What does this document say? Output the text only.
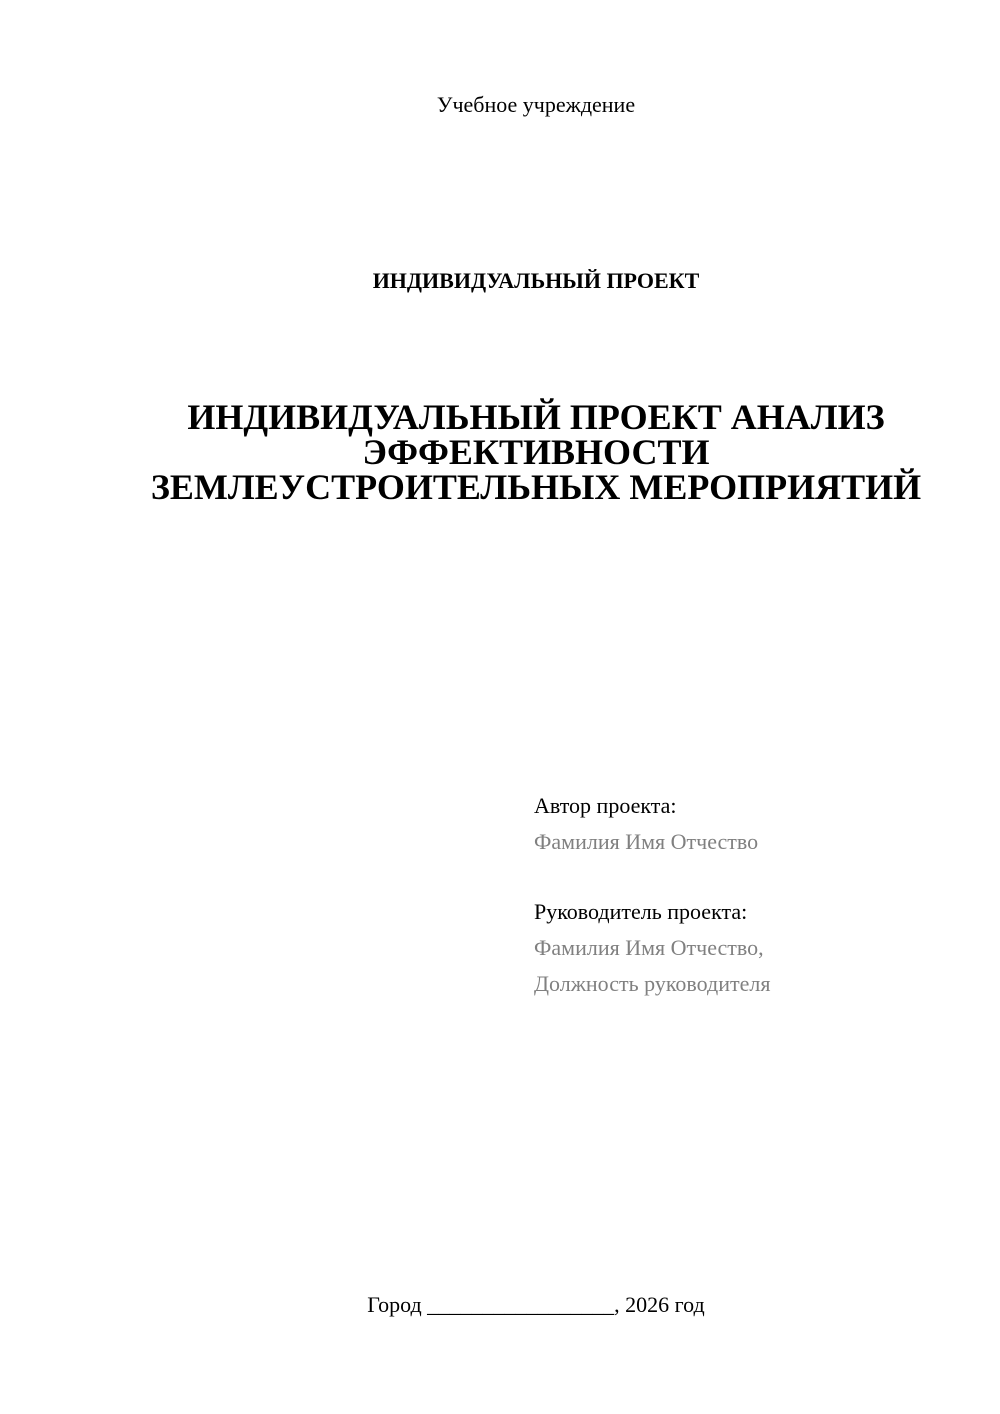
Учебное учреждение
ИНДИВИДУАЛЬНЫЙ ПРОЕКТ
ИНДИВИДУАЛЬНЫЙ ПРОЕКТ АНАЛИЗ ЭФФЕКТИВНОСТИ ЗЕМЛЕУСТРОИТЕЛЬНЫХ МЕРОПРИЯТИЙ
Автор проекта:
Фамилия Имя Отчество
Руководитель проекта:
Фамилия Имя Отчество,
Должность руководителя
Город _________________, 2026 год
